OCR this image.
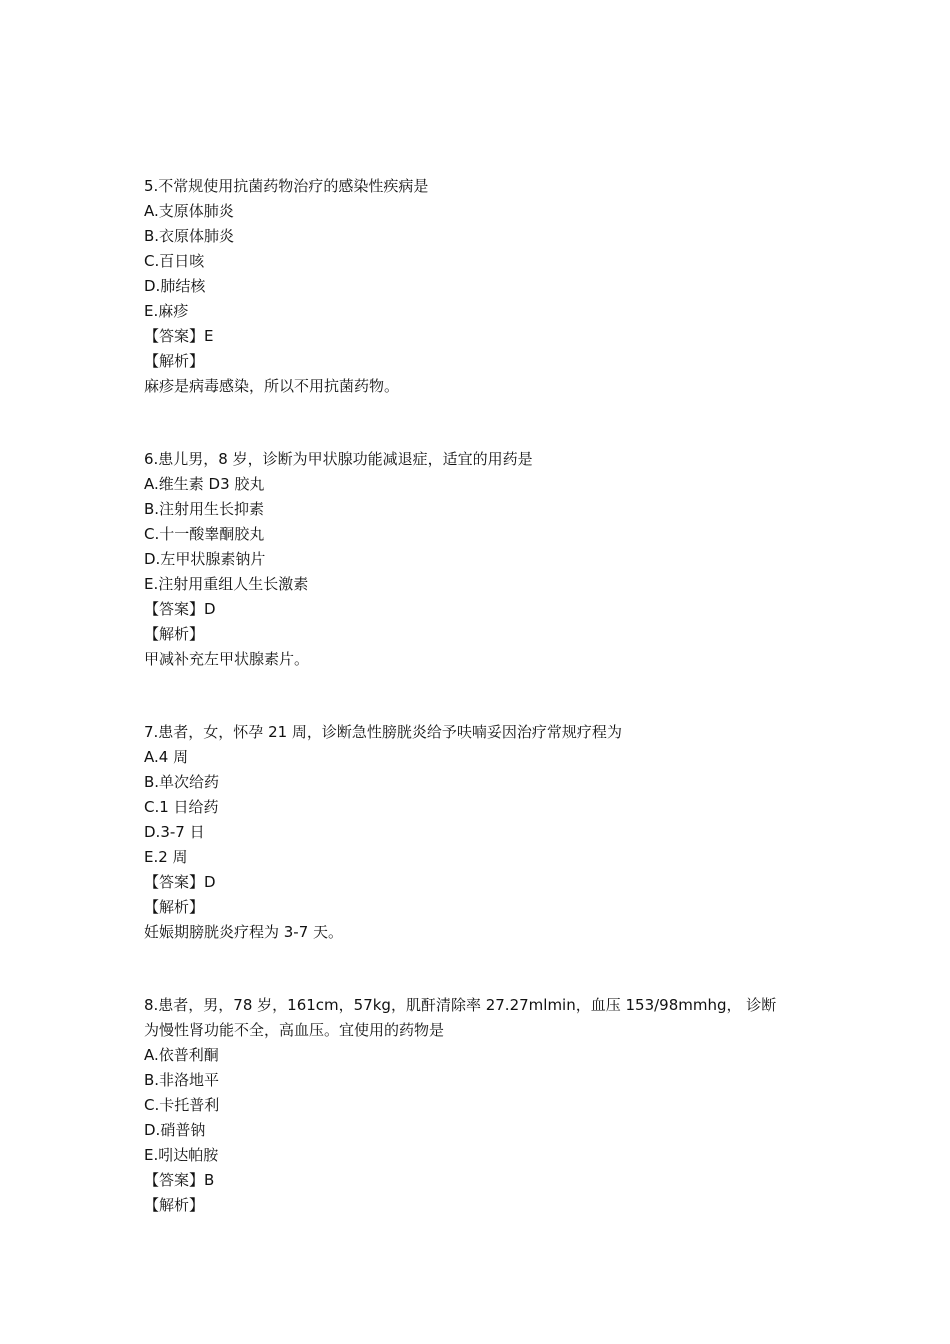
5.不常规使用抗菌药物治疗的感染性疾病是

A.支原体肺炎

B.衣原体肺炎

C.百日咳

D.肺结核

E.麻疹

【答案】E

【解析】

麻疹是病毒感染，所以不用抗菌药物。

6.患儿男，8 岁，诊断为甲状腺功能减退症，适宜的用药是

A.维生素 D3 胶丸

B.注射用生长抑素

C.十一酸睾酮胶丸

D.左甲状腺素钠片

E.注射用重组人生长激素

【答案】D

【解析】

甲减补充左甲状腺素片。

7.患者，女，怀孕 21 周，诊断急性膀胱炎给予呋喃妥因治疗常规疗程为

A.4 周

B.单次给药

C.1 日给药

D.3-7 日

E.2 周

【答案】D

【解析】

妊娠期膀胱炎疗程为 3-7 天。

8.患者，男，78 岁，161cm，57kg，肌酐清除率 27.27mlmin，血压 153/98mmhg， 诊断

为慢性肾功能不全，高血压。宜使用的药物是

A.依普利酮

B.非洛地平

C.卡托普利

D.硝普钠

E.吲达帕胺

【答案】B

【解析】
